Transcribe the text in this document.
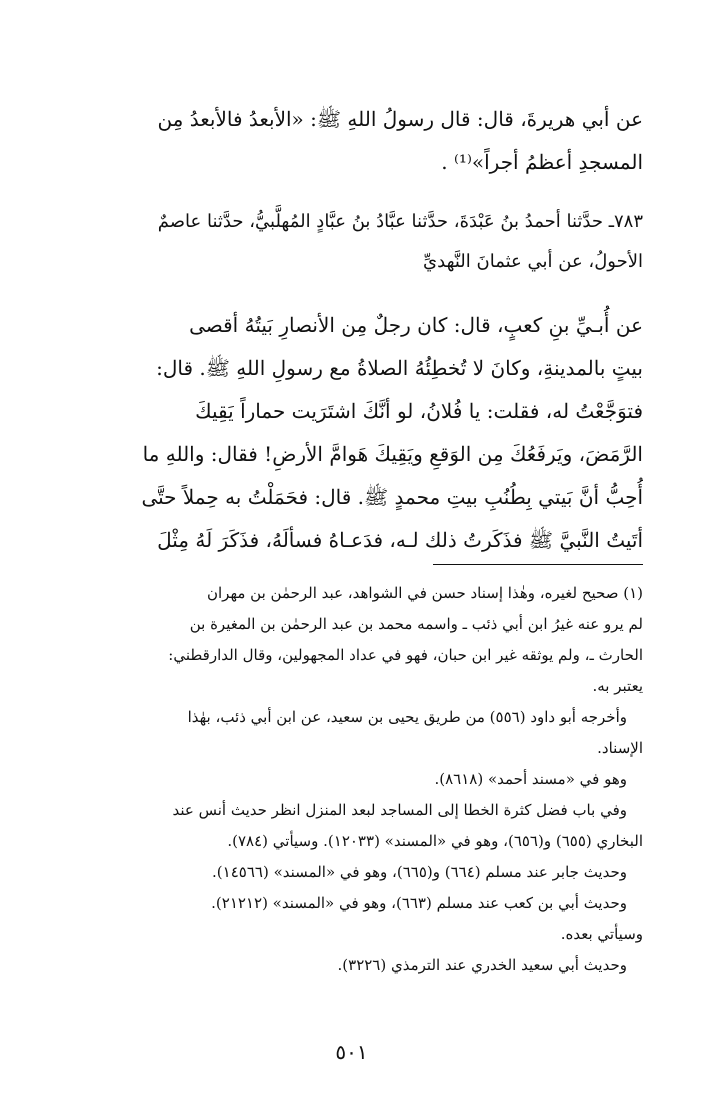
عن أبي هريرةَ، قال: قال رسولُ اللهِ ﷺ: «الأبعدُ فالأبعدُ مِن
المسجدِ أعظمُ أجراً»⁽¹⁾ .
٧٨٣ـ حدَّثنا أحمدُ بنُ عَبْدَةَ، حدَّثنا عبَّادُ بنُ عبَّادٍ المُهلَّبيُّ، حدَّثنا عاصمٌ
الأحولُ، عن أبي عثمانَ النَّهديِّ
عن أُبـيِّ بنِ كعبٍ، قال: كان رجلٌ مِن الأنصارِ بَيتُهُ أقصى
بيتٍ بالمدينةِ، وكانَ لا تُخطِئُهُ الصلاةُ مع رسولِ اللهِ ﷺ. قال:
فتوَجَّعْتُ له، فقلت: يا فُلانُ، لو أنَّكَ اشتَرَيت حماراً يَقِيكَ
الرَّمَضَ، ويَرفَعُكَ مِن الوَقعِ ويَقِيكَ هَوامَّ الأرضِ! فقال: واللهِ ما
أُحِبُّ أنَّ بَيتي بِطُنُبِ بيتِ محمدٍ ﷺ. قال: فحَمَلْتُ به حِملاً حتَّى
أتَيتُ النَّبيَّ ﷺ فذَكَرتُ ذلك لـه، فدَعـاهُ فسألَهُ، فذَكَرَ لَهُ مِثْلَ
(١) صحيح لغيره، وهٰذا إسناد حسن في الشواهد، عبد الرحمٰن بن مهران
لم يرو عنه غيرُ ابن أبي ذئب ـ واسمه محمد بن عبد الرحمٰن بن المغيرة بن
الحارث ـ، ولم يوثقه غير ابن حبان، فهو في عداد المجهولين، وقال الدارقطني:
يعتبر به.
وأخرجه أبو داود (٥٥٦) من طريق يحيى بن سعيد، عن ابن أبي ذئب، بهٰذا
الإسناد.
وهو في «مسند أحمد» (٨٦١٨).
وفي باب فضل كثرة الخطا إلى المساجد لبعد المنزل انظر حديث أنس عند
البخاري (٦٥٥) و(٦٥٦)، وهو في «المسند» (١٢٠٣٣). وسيأتي (٧٨٤).
وحديث جابر عند مسلم (٦٦٤) و(٦٦٥)، وهو في «المسند» (١٤٥٦٦).
وحديث أبي بن كعب عند مسلم (٦٦٣)، وهو في «المسند» (٢١٢١٢).
وسيأتي بعده.
وحديث أبي سعيد الخدري عند الترمذي (٣٢٢٦).
٥٠١
